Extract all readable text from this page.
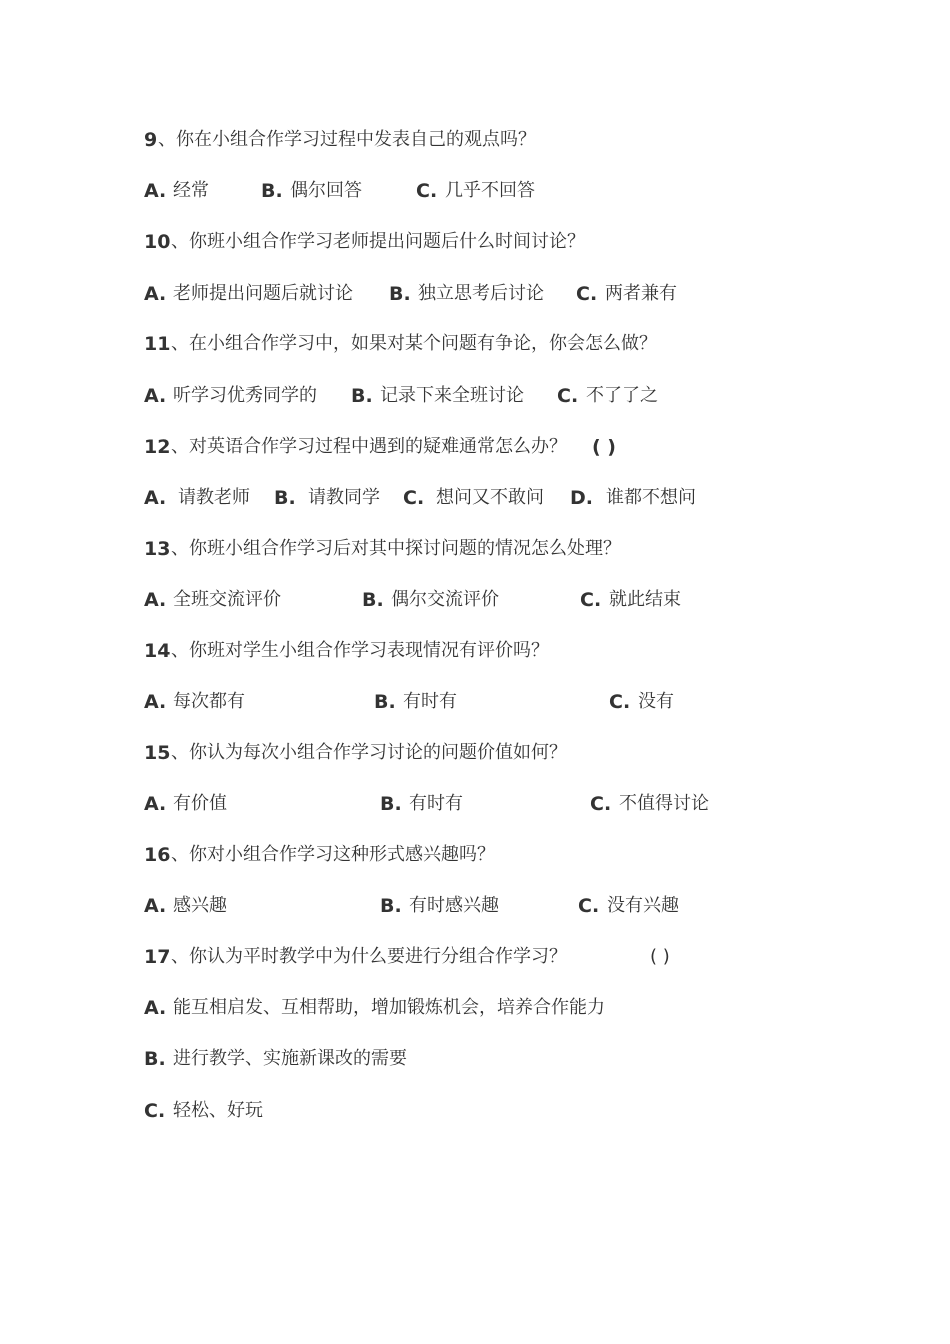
9 、你在小组合作学习过程中发表自己的观点吗？
A. 经常	B. 偶尔回答	C. 几乎不回答
10 、你班小组合作学习老师提出问题后什么时间讨论？
A. 老师提出问题后就讨论 B. 独立思考后讨论 C. 两者兼有
11 、在小组合作学习中，如果对某个问题有争论，你会怎么做？
A. 听学习优秀同学的 B. 记录下来全班讨论 C. 不了了之
12 、对英语合作学习过程中遇到的疑难通常怎么办？ ( )
A. 请教老师 B. 请教同学 C. 想问又不敢问 D. 谁都不想问
13 、你班小组合作学习后对其中探讨问题的情况怎么处理？
A. 全班交流评价	B. 偶尔交流评价	C. 就此结束
14 、你班对学生小组合作学习表现情况有评价吗？
A. 每次都有	B. 有时有	C. 没有
15 、你认为每次小组合作学习讨论的问题价值如何？
A. 有价值	B. 有时有	C. 不值得讨论
16 、你对小组合作学习这种形式感兴趣吗？
A. 感兴趣	B. 有时感兴趣	C. 没有兴趣
17 、你认为平时教学中为什么要进行分组合作学习？	( )
A. 能互相启发、互相帮助，增加锻炼机会，培养合作能力
B. 进行教学、实施新课改的需要
C. 轻松、好玩
